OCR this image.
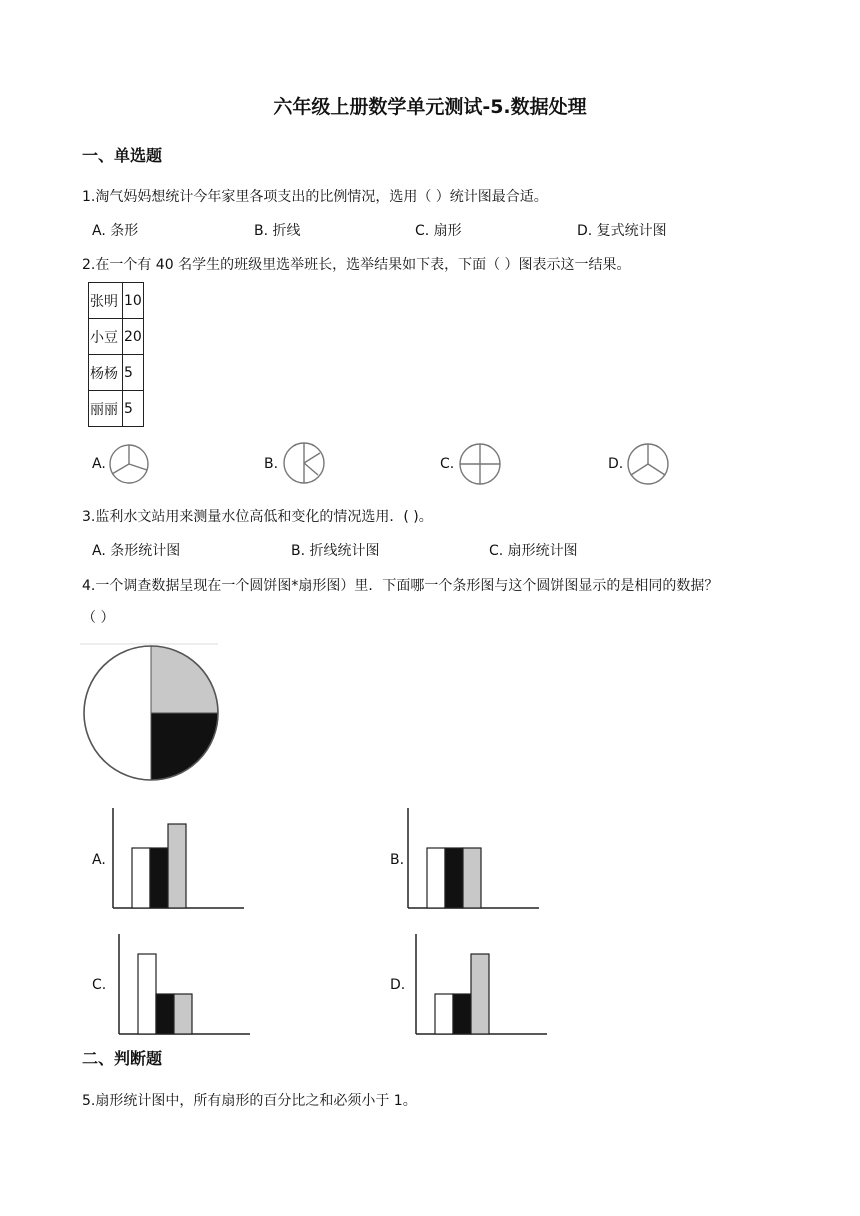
六年级上册数学单元测试-5.数据处理
一、单选题
1.淘气妈妈想统计今年家里各项支出的比例情况，选用（ ）统计图最合适。
A. 条形	B. 折线	C. 扇形	D. 复式统计图
2.在一个有 40 名学生的班级里选举班长，选举结果如下表，下面（ ）图表示这一结果。
张明	10
小豆	20
杨杨	5
丽丽	5
A.	B.	C.	D.
3.监利水文站用来测量水位高低和变化的情况选用．( )。
A. 条形统计图	B. 折线统计图	C. 扇形统计图
4.一个调查数据呈现在一个圆饼图*扇形图）里．下面哪一个条形图与这个圆饼图显示的是相同的数据？
（ ）
A.	B.
C.	D.
二、判断题
5.扇形统计图中，所有扇形的百分比之和必须小于 1。
